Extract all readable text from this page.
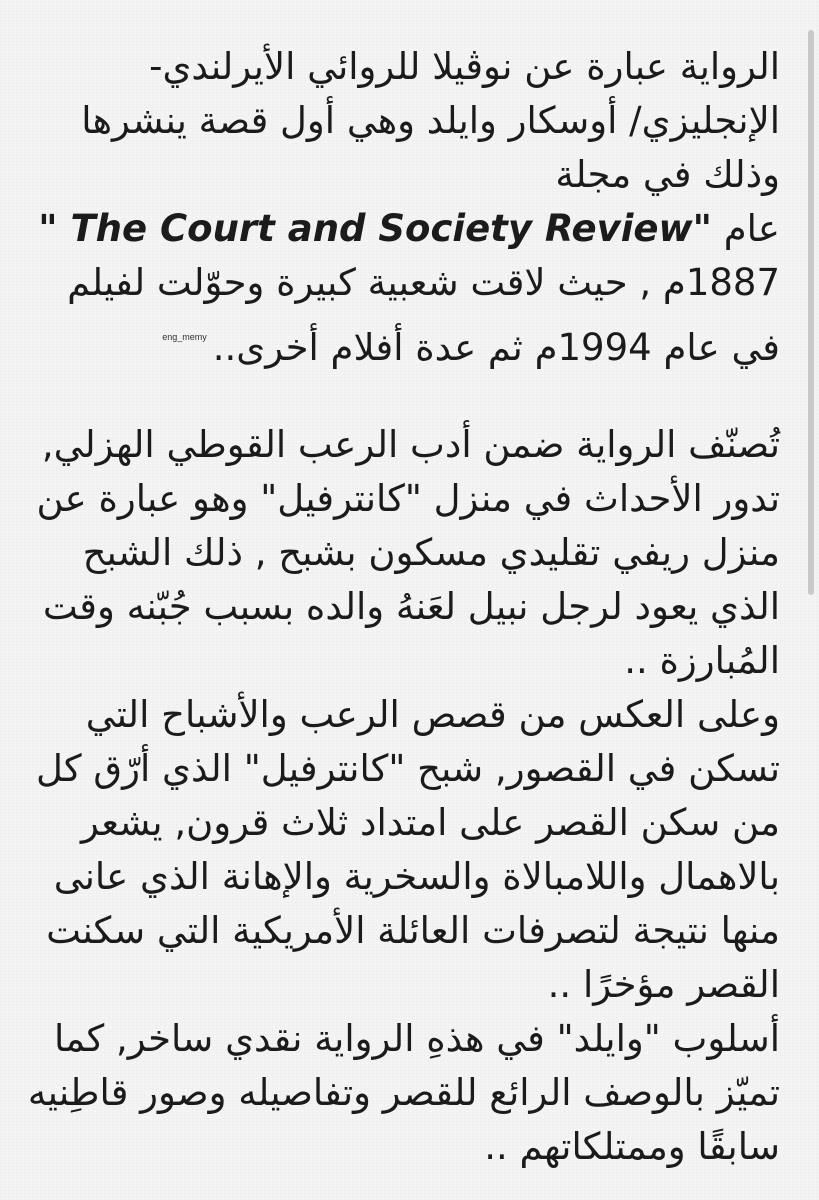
الرواية عبارة عن نوڤيلا للروائي الأيرلندي-
الإنجليزي/ أوسكار وايلد وهي أول قصة ينشرها
وذلك في مجلة
عام " The Court and Society Review"
1887م , حيث لاقت شعبية كبيرة وحوّلت لفيلم
في عام 1994م ثم عدة أفلام أخرى..$^{eng\_memy}$
تُصنّف الرواية ضمن أدب الرعب القوطي الهزلي,
تدور الأحداث في منزل "كانترفيل" وهو عبارة عن
منزل ريفي تقليدي مسكون بشبح , ذلك الشبح
الذي يعود لرجل نبيل لعَنهُ والده بسبب جُبّنه وقت
المُبارزة ..
وعلى العكس من قصص الرعب والأشباح التي
تسكن في القصور, شبح "كانترفيل" الذي أرّق كل
من سكن القصر على امتداد ثلاث قرون, يشعر
بالاهمال واللامبالاة والسخرية والإهانة الذي عانى
منها نتيجة لتصرفات العائلة الأمريكية التي سكنت
القصر مؤخرًا ..
أسلوب "وايلد" في هذهِ الرواية نقدي ساخر, كما
تميّز بالوصف الرائع للقصر وتفاصيله وصور قاطِنيه
سابقًا وممتلكاتهم ..
